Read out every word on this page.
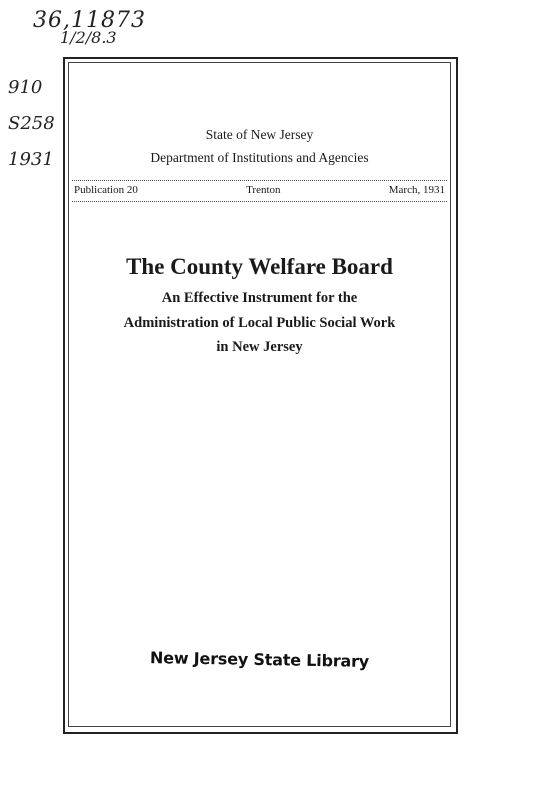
36,11873
1/2/8.3
910
S258
1931
State of New Jersey
Department of Institutions and Agencies
Publication 20	Trenton	March, 1931
The County Welfare Board
An Effective Instrument for the
Administration of Local Public Social Work
in New Jersey
New Jersey State Library
